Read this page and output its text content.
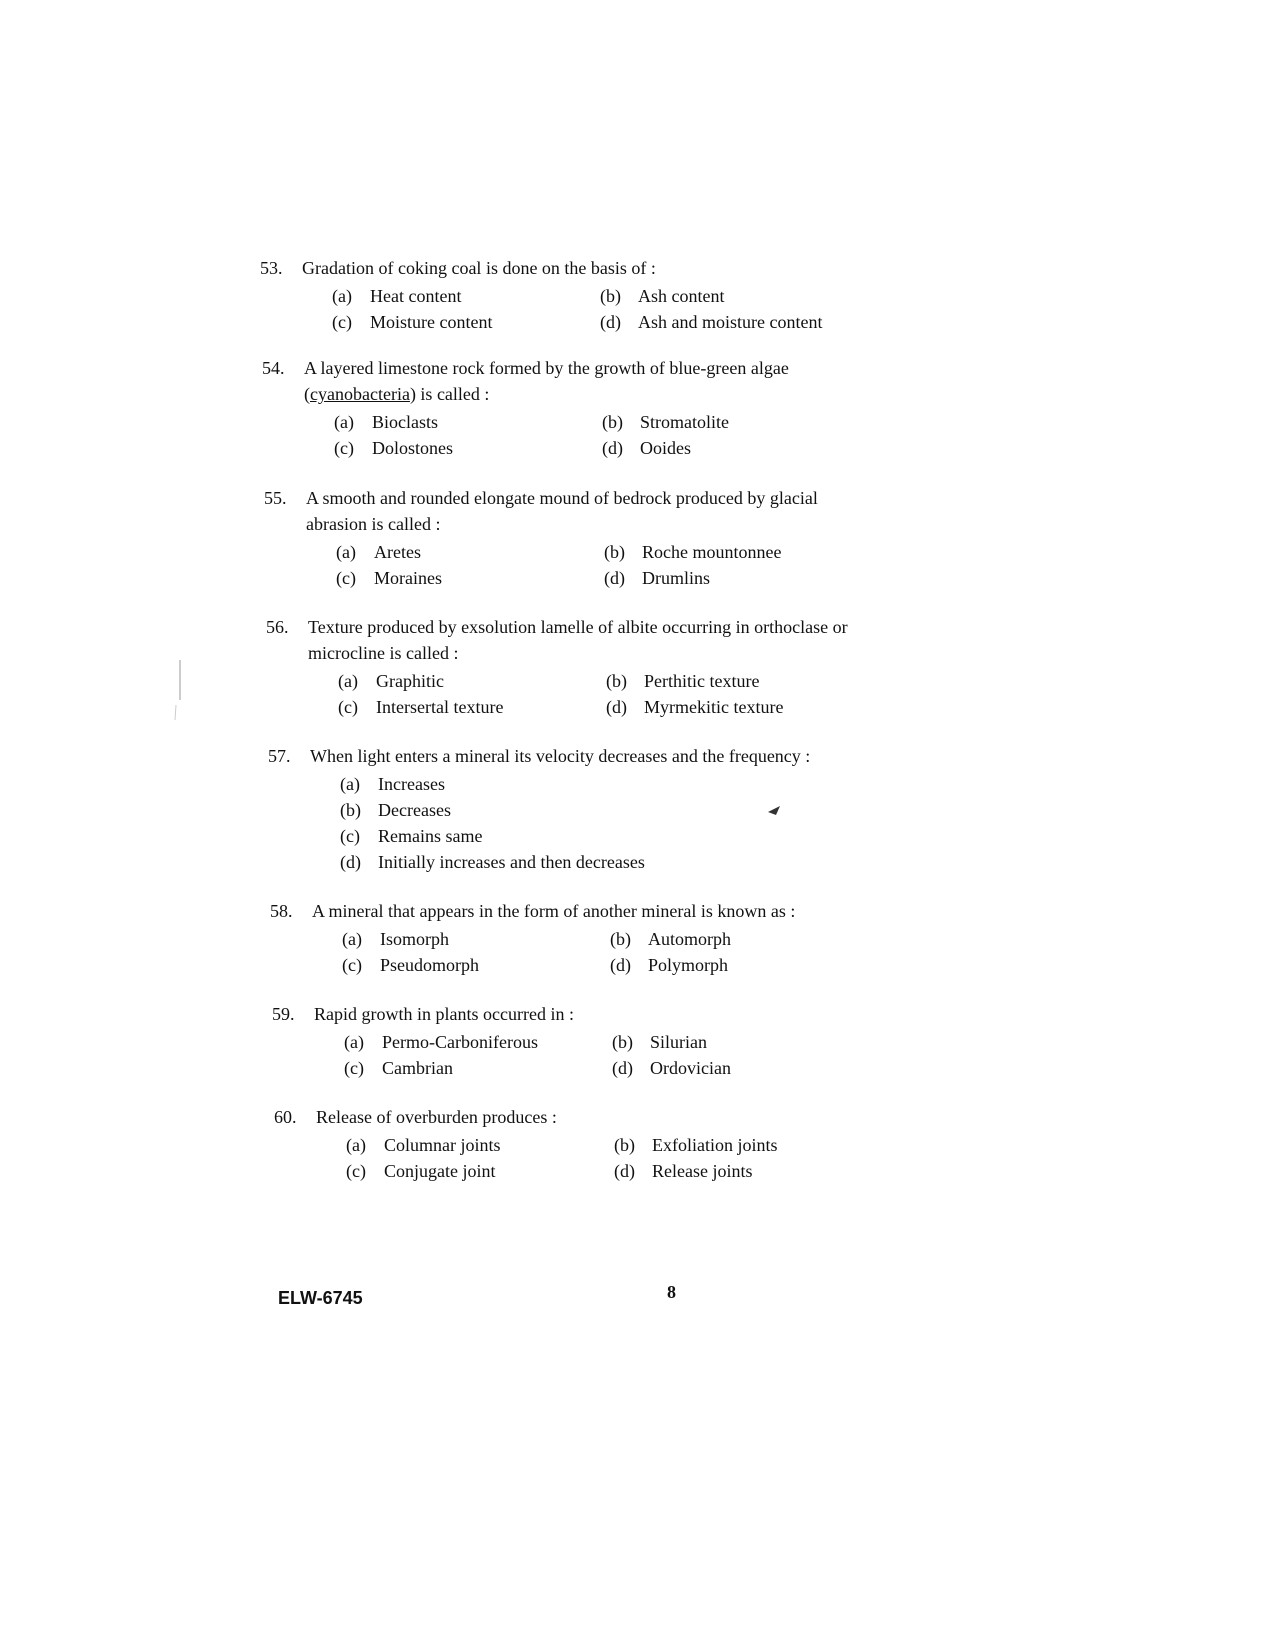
53.	Gradation of coking coal is done on the basis of :
(a)	Heat content	(b) Ash content
(c)	Moisture content	(d) Ash and moisture content
54.	A layered limestone rock formed by the growth of blue-green algae (cyanobacteria) is called :
(a)	Bioclasts	(b) Stromatolite
(c)	Dolostones	(d) Ooides
55.	A smooth and rounded elongate mound of bedrock produced by glacial abrasion is called :
(a)	Aretes	(b) Roche mountonnee
(c)	Moraines	(d) Drumlins
56.	Texture produced by exsolution lamelle of albite occurring in orthoclase or microcline is called :
(a)	Graphitic	(b) Perthitic texture
(c)	Intersertal texture	(d) Myrmekitic texture
57.	When light enters a mineral its velocity decreases and the frequency :
(a)	Increases
(b) Decreases
(c)	Remains same
(d) Initially increases and then decreases
58.	A mineral that appears in the form of another mineral is known as :
(a)	Isomorph	(b) Automorph
(c)	Pseudomorph	(d) Polymorph
59.	Rapid growth in plants occurred in :
(a)	Permo-Carboniferous	(b) Silurian
(c)	Cambrian	(d) Ordovician
60.	Release of overburden produces :
(a)	Columnar joints	(b) Exfoliation joints
(c)	Conjugate joint	(d) Release joints
ELW-6745	8
